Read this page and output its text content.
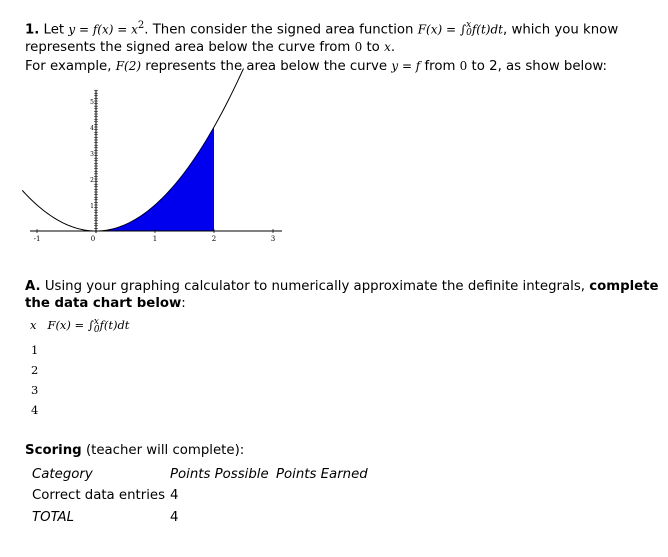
1. Let $y = f(x) = x^2$. Then consider the signed area function F(x) = ∫ x
0 f(t)dt, which you know
represents the signed area below the curve from 0 to x.
For example, F(2) represents the area below the curve y = f from 0 to 2, as show below:
-1	0	1	2	3
1
2
3
4
5
A. Using your graphing calculator to numerically approximate the definite integrals, complete
the data chart below:
x F(x) = ∫ x
0 f(t)dt
1
2
3
4
Scoring (teacher will complete):
Category	Points Possible Points Earned
Correct data entries 4
TOTAL	4
